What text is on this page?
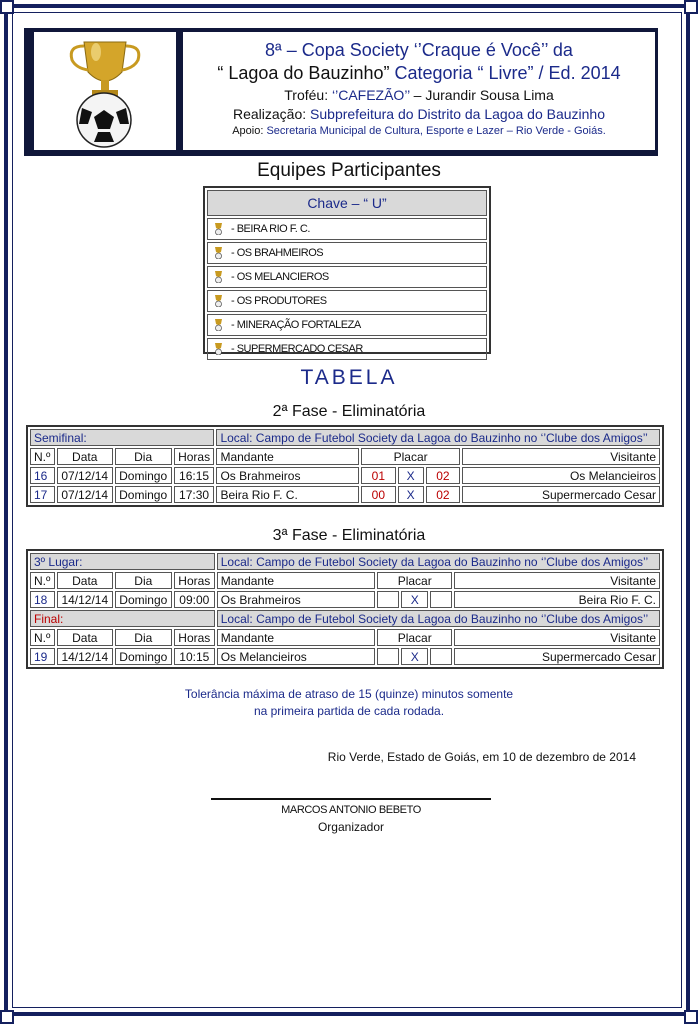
8ª – Copa Society ‘’Craque é Você’’ da
“ Lagoa do Bauzinho” Categoria “ Livre” / Ed. 2014
Troféu: ‘’CAFEZÃO’’ – Jurandir Sousa Lima
Realização: Subprefeitura do Distrito da Lagoa do Bauzinho
Apoio: Secretaria Municipal de Cultura, Esporte e Lazer – Rio Verde - Goiás.
Equipes Participantes
Chave – “ U”
- BEIRA RIO F. C.
- OS BRAHMEIROS
- OS MELANCIEROS
- OS PRODUTORES
- MINERAÇÃO FORTALEZA
- SUPERMERCADO CESAR
TABELA
2ª Fase - Eliminatória
Semifinal:				Local: Campo de Futebol Society da Lagoa do Bauzinho no ‘’Clube dos Amigos’’				
N.º	Data	Dia	Horas	Mandante	Placar			Visitante
16	07/12/14	Domingo	16:15	Os Brahmeiros	01	X	02	Os Melancieiros
17	07/12/14	Domingo	17:30	Beira Rio F. C.	00	X	02	Supermercado Cesar
3ª Fase - Eliminatória
3º Lugar:				Local: Campo de Futebol Society da Lagoa do Bauzinho no ‘’Clube dos Amigos’’				
N.º	Data	Dia	Horas	Mandante	Placar			Visitante
18	14/12/14	Domingo	09:00	Os Brahmeiros		X		Beira Rio F. C.
Final:				Local: Campo de Futebol Society da Lagoa do Bauzinho no ‘’Clube dos Amigos’’				
N.º	Data	Dia	Horas	Mandante	Placar			Visitante
19	14/12/14	Domingo	10:15	Os Melancieiros		X		Supermercado Cesar
Tolerância máxima de atraso de 15 (quinze) minutos somente
na primeira partida de cada rodada.
Rio Verde, Estado de Goiás, em 10 de dezembro de 2014
MARCOS ANTONIO BEBETO
Organizador
